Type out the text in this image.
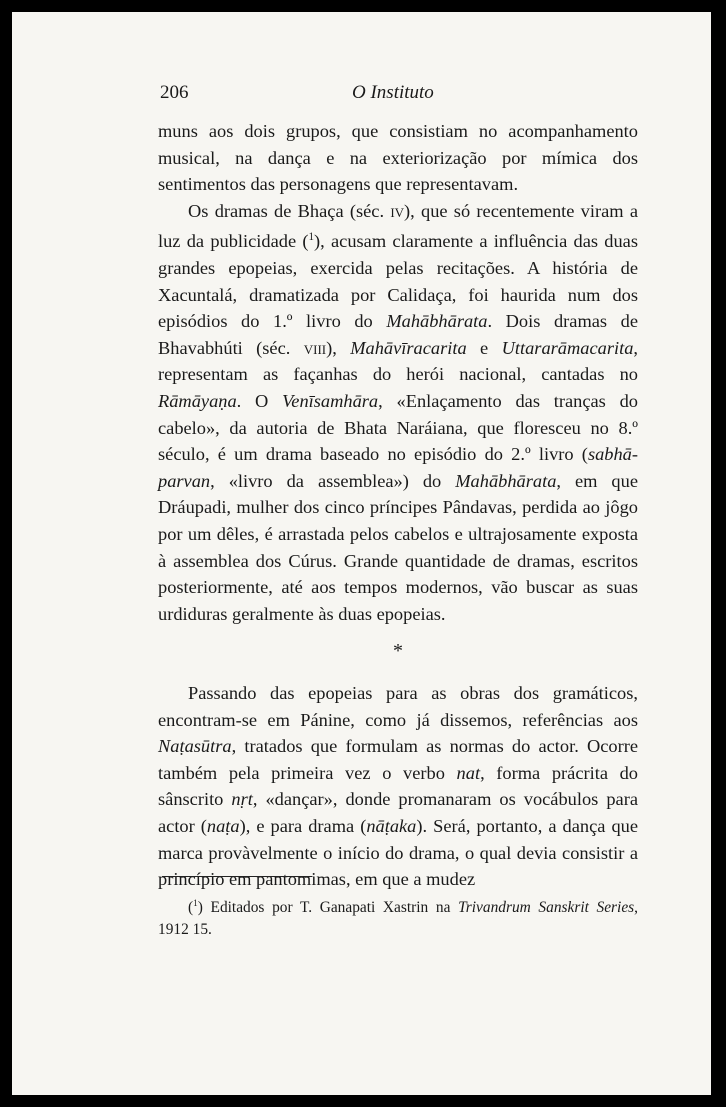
206	O Instituto

muns aos dois grupos, que consistiam no acompanhamento musical, na dança e na exteriorização por mímica dos sentimentos das personagens que representavam.

Os dramas de Bhaça (séc. iv), que só recentemente viram a luz da publicidade ($^1$), acusam claramente a influência das duas grandes epopeias, exercida pelas recitações. A história de Xacuntalá, dramatizada por Calidaça, foi haurida num dos episódios do 1.º livro do Mahābhārata. Dois dramas de Bhavabhúti (séc. viii), Mahāvīracarita e Uttararāmacarita, representam as façanhas do herói nacional, cantadas no Rāmāyaṇa. O Venīsamhāra, «Enlaçamento das tranças do cabelo», da autoria de Bhata Naráiana, que floresceu no 8.º século, é um drama baseado no episódio do 2.º livro (sabhā-parvan, «livro da assemblea») do Mahābhārata, em que Dráupadi, mulher dos cinco príncipes Pândavas, perdida ao jôgo por um dêles, é arrastada pelos cabelos e ultrajosamente exposta à assemblea dos Cúrus. Grande quantidade de dramas, escritos posteriormente, até aos tempos modernos, vão buscar as suas urdiduras geralmente às duas epopeias.

*

Passando das epopeias para as obras dos gramáticos, encontram-se em Pánine, como já dissemos, referências aos Naṭasūtra, tratados que formulam as normas do actor. Ocorre também pela primeira vez o verbo nat, forma prácrita do sânscrito nṛt, «dançar», donde promanaram os vocábulos para actor (naṭa), e para drama (nāṭaka). Será, portanto, a dança que marca provàvelmente o início do drama, o qual devia consistir a princípio em pantomimas, em que a mudez

($^1$) Editados por T. Ganapati Xastrin na Trivandrum Sanskrit Series, 1912 15.
